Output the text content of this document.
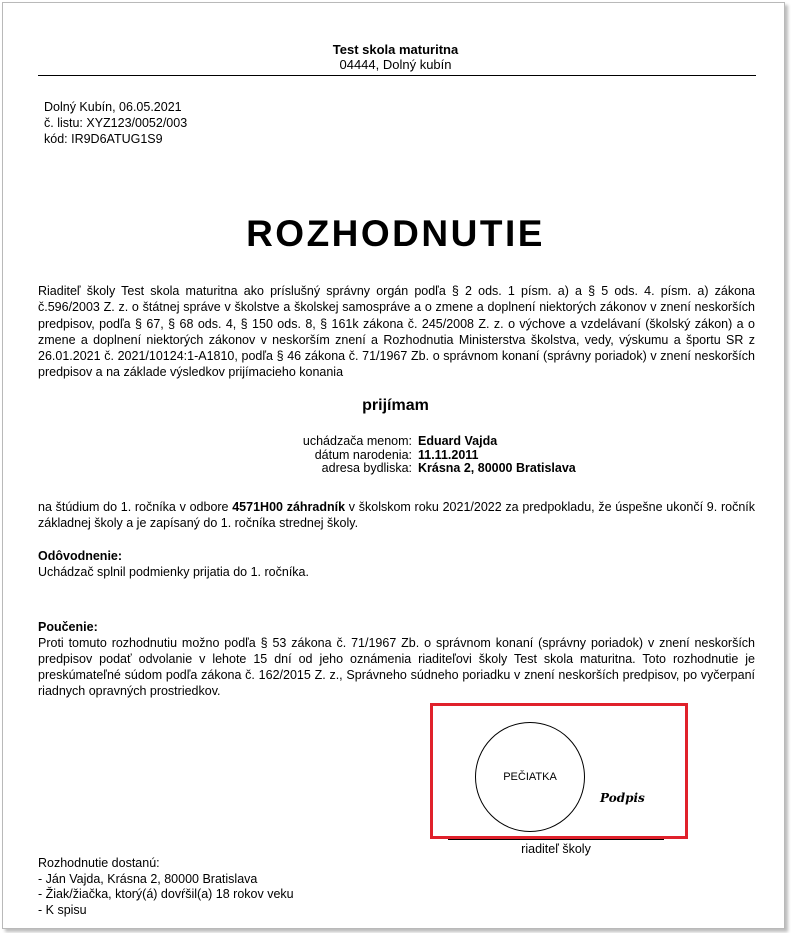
Test skola maturitna
04444, Dolný kubín
Dolný Kubín, 06.05.2021
č. listu: XYZ123/0052/003
kód: IR9D6ATUG1S9
ROZHODNUTIE
Riaditeľ školy Test skola maturitna ako príslušný správny orgán podľa § 2 ods. 1 písm. a) a § 5 ods. 4. písm. a) zákona č.596/2003 Z. z. o štátnej správe v školstve a školskej samospráve a o zmene a doplnení niektorých zákonov v znení neskorších predpisov, podľa § 67, § 68 ods. 4, § 150 ods. 8, § 161k zákona č. 245/2008 Z. z. o výchove a vzdelávaní (školský zákon) a o zmene a doplnení niektorých zákonov v neskorším znení a Rozhodnutia Ministerstva školstva, vedy, výskumu a športu SR z 26.01.2021 č. 2021/10124:1-A1810, podľa § 46 zákona č. 71/1967 Zb. o správnom konaní (správny poriadok) v znení neskorších predpisov a na základe výsledkov prijímacieho konania
prijímam
uchádzača menom: Eduard Vajda
dátum narodenia: 11.11.2011
adresa bydliska: Krásna 2, 80000 Bratislava
na štúdium do 1. ročníka v odbore 4571H00 záhradník v školskom roku 2021/2022 za predpokladu, že úspešne ukončí 9. ročník základnej školy a je zapísaný do 1. ročníka strednej školy.
Odôvodnenie:
Uchádzač splnil podmienky prijatia do 1. ročníka.
Poučenie:
Proti tomuto rozhodnutiu možno podľa § 53 zákona č. 71/1967 Zb. o správnom konaní (správny poriadok) v znení neskorších predpisov podať odvolanie v lehote 15 dní od jeho oznámenia riaditeľovi školy Test skola maturitna. Toto rozhodnutie je preskúmateľné súdom podľa zákona č. 162/2015 Z. z., Správneho súdneho poriadku v znení neskorších predpisov, po vyčerpaní riadnych opravných prostriedkov.
PEČIATKA
Podpis
riaditeľ školy
Rozhodnutie dostanú:
- Ján Vajda, Krásna 2, 80000 Bratislava
- Žiak/žiačka, ktorý(á) dovŕšil(a) 18 rokov veku
- K spisu
